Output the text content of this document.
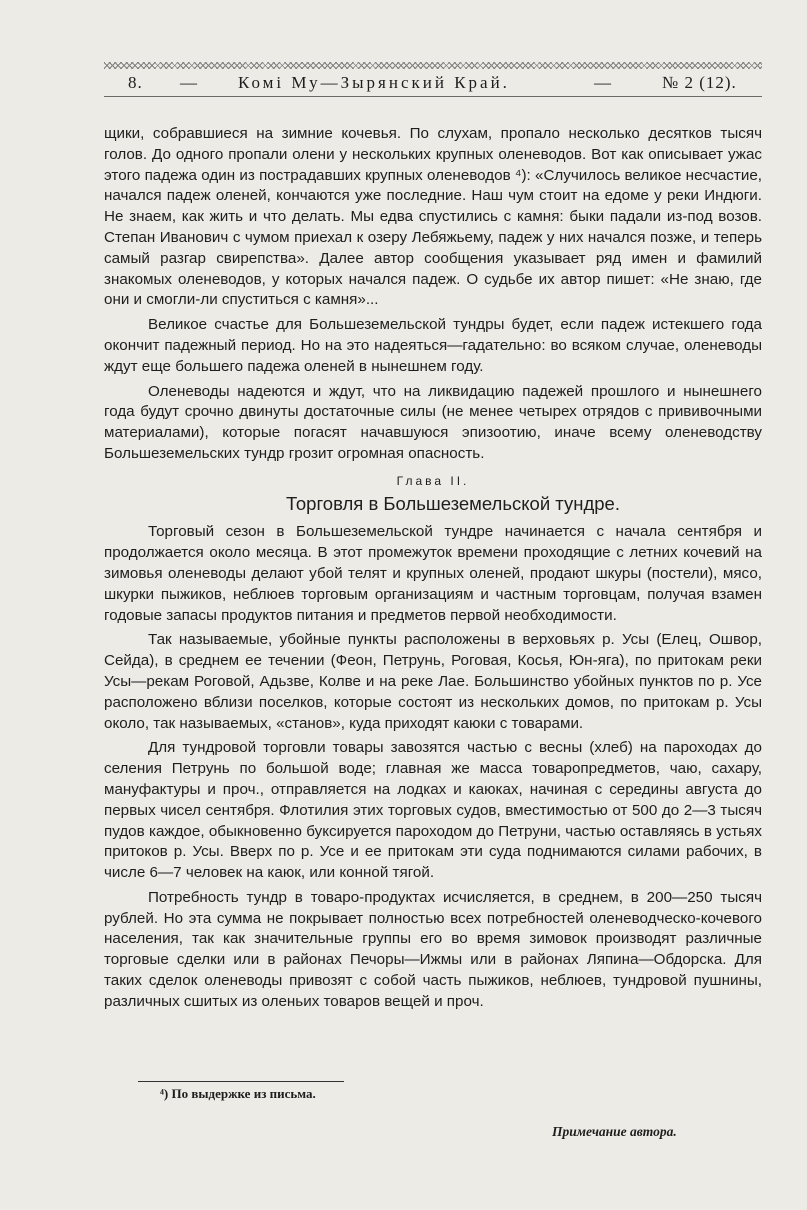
8. — Комі Му—Зырянский Край.	—	№ 2 (12).

щики, собравшиеся на зимние кочевья. По слухам, пропало несколько десятков тысяч голов. До одного пропали олени у нескольких крупных оленеводов. Вот как описывает ужас этого падежа один из пострадавших крупных оленеводов ⁴): «Случилось великое несчастие, начался падеж оленей, кончаются уже последние. Наш чум стоит на едоме у реки Индюги. Не знаем, как жить и что делать. Мы едва спустились с камня: быки падали из-под возов. Степан Иванович с чумом приехал к озеру Лебяжьему, падеж у них начался позже, и теперь самый разгар свирепства». Далее автор сообщения указывает ряд имен и фамилий знакомых оленеводов, у которых начался падеж. О судьбе их автор пишет: «Не знаю, где они и смогли-ли спуститься с камня»...

Великое счастье для Большеземельской тундры будет, если падеж истекшего года окончит падежный период. Но на это надеяться—гадательно: во всяком случае, оленеводы ждут еще большего падежа оленей в нынешнем году.

Оленеводы надеются и ждут, что на ликвидацию падежей прошлого и нынешнего года будут срочно двинуты достаточные силы (не менее четырех отрядов с прививочными материалами), которые погасят начавшуюся эпизоотию, иначе всему оленеводству Большеземельских тундр грозит огромная опасность.

Глава II.
Торговля в Большеземельской тундре.

Торговый сезон в Большеземельской тундре начинается с начала сентября и продолжается около месяца. В этот промежуток времени проходящие с летних кочевий на зимовья оленеводы делают убой телят и крупных оленей, продают шкуры (постели), мясо, шкурки пыжиков, неблюев торговым организациям и частным торговцам, получая взамен годовые запасы продуктов питания и предметов первой необходимости.

Так называемые, убойные пункты расположены в верховьях р. Усы (Елец, Ошвор, Сейда), в среднем ее течении (Феон, Петрунь, Роговая, Косья, Юн-яга), по притокам реки Усы—рекам Роговой, Адьзве, Колве и на реке Лае. Большинство убойных пунктов по р. Усе расположено вблизи поселков, которые состоят из нескольких домов, по притокам р. Усы около, так называемых, «станов», куда приходят каюки с товарами.

Для тундровой торговли товары завозятся частью с весны (хлеб) на пароходах до селения Петрунь по большой воде; главная же масса товаропредметов, чаю, сахару, мануфактуры и проч., отправляется на лодках и каюках, начиная с середины августа до первых чисел сентября. Флотилия этих торговых судов, вместимостью от 500 до 2—3 тысяч пудов каждое, обыкновенно буксируется пароходом до Петруни, частью оставляясь в устьях притоков р. Усы. Вверх по р. Усе и ее притокам эти суда поднимаются силами рабочих, в числе 6—7 человек на каюк, или конной тягой.

Потребность тундр в товаро-продуктах исчисляется, в среднем, в 200—250 тысяч рублей. Но эта сумма не покрывает полностью всех потребностей оленеводческо-кочевого населения, так как значительные группы его во время зимовок производят различные торговые сделки или в районах Печоры—Ижмы или в районах Ляпина—Обдорска. Для таких сделок оленеводы привозят с собой часть пыжиков, неблюев, тундровой пушнины, различных сшитых из оленьих товаров вещей и проч.

⁴) По выдержке из письма.
Примечание автора.
